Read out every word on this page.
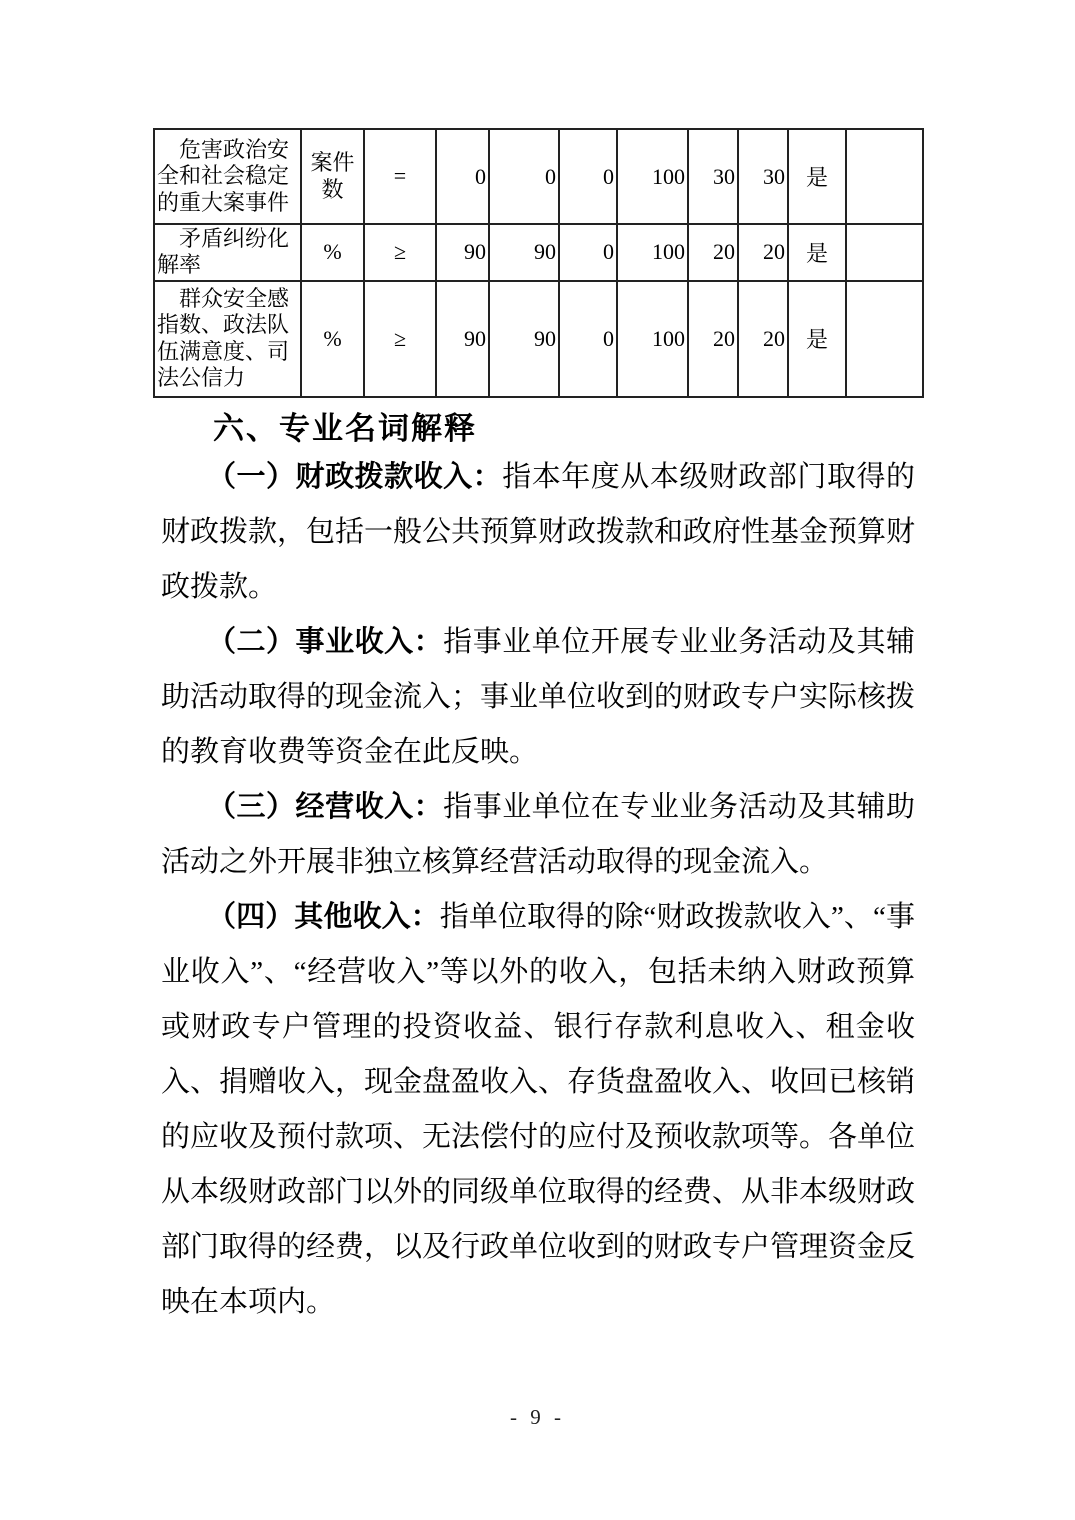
危害政治安全和社会稳定的重大案事件	案件数	=	0	0	0	100	30	30	是	
矛盾纠纷化解率	%	≥	90	90	0	100	20	20	是	
群众安全感指数、政法队伍满意度、司法公信力	%	≥	90	90	0	100	20	20	是	
六、专业名词解释

（一）财政拨款收入：指本年度从本级财政部门取得的财政拨款，包括一般公共预算财政拨款和政府性基金预算财政拨款。

（二）事业收入：指事业单位开展专业业务活动及其辅助活动取得的现金流入；事业单位收到的财政专户实际核拨的教育收费等资金在此反映。

（三）经营收入：指事业单位在专业业务活动及其辅助活动之外开展非独立核算经营活动取得的现金流入。

（四）其他收入：指单位取得的除“财政拨款收入”、“事业收入”、“经营收入”等以外的收入，包括未纳入财政预算或财政专户管理的投资收益、银行存款利息收入、租金收入、捐赠收入，现金盘盈收入、存货盘盈收入、收回已核销的应收及预付款项、无法偿付的应付及预收款项等。各单位从本级财政部门以外的同级单位取得的经费、从非本级财政部门取得的经费，以及行政单位收到的财政专户管理资金反映在本项内。

- 9 -
